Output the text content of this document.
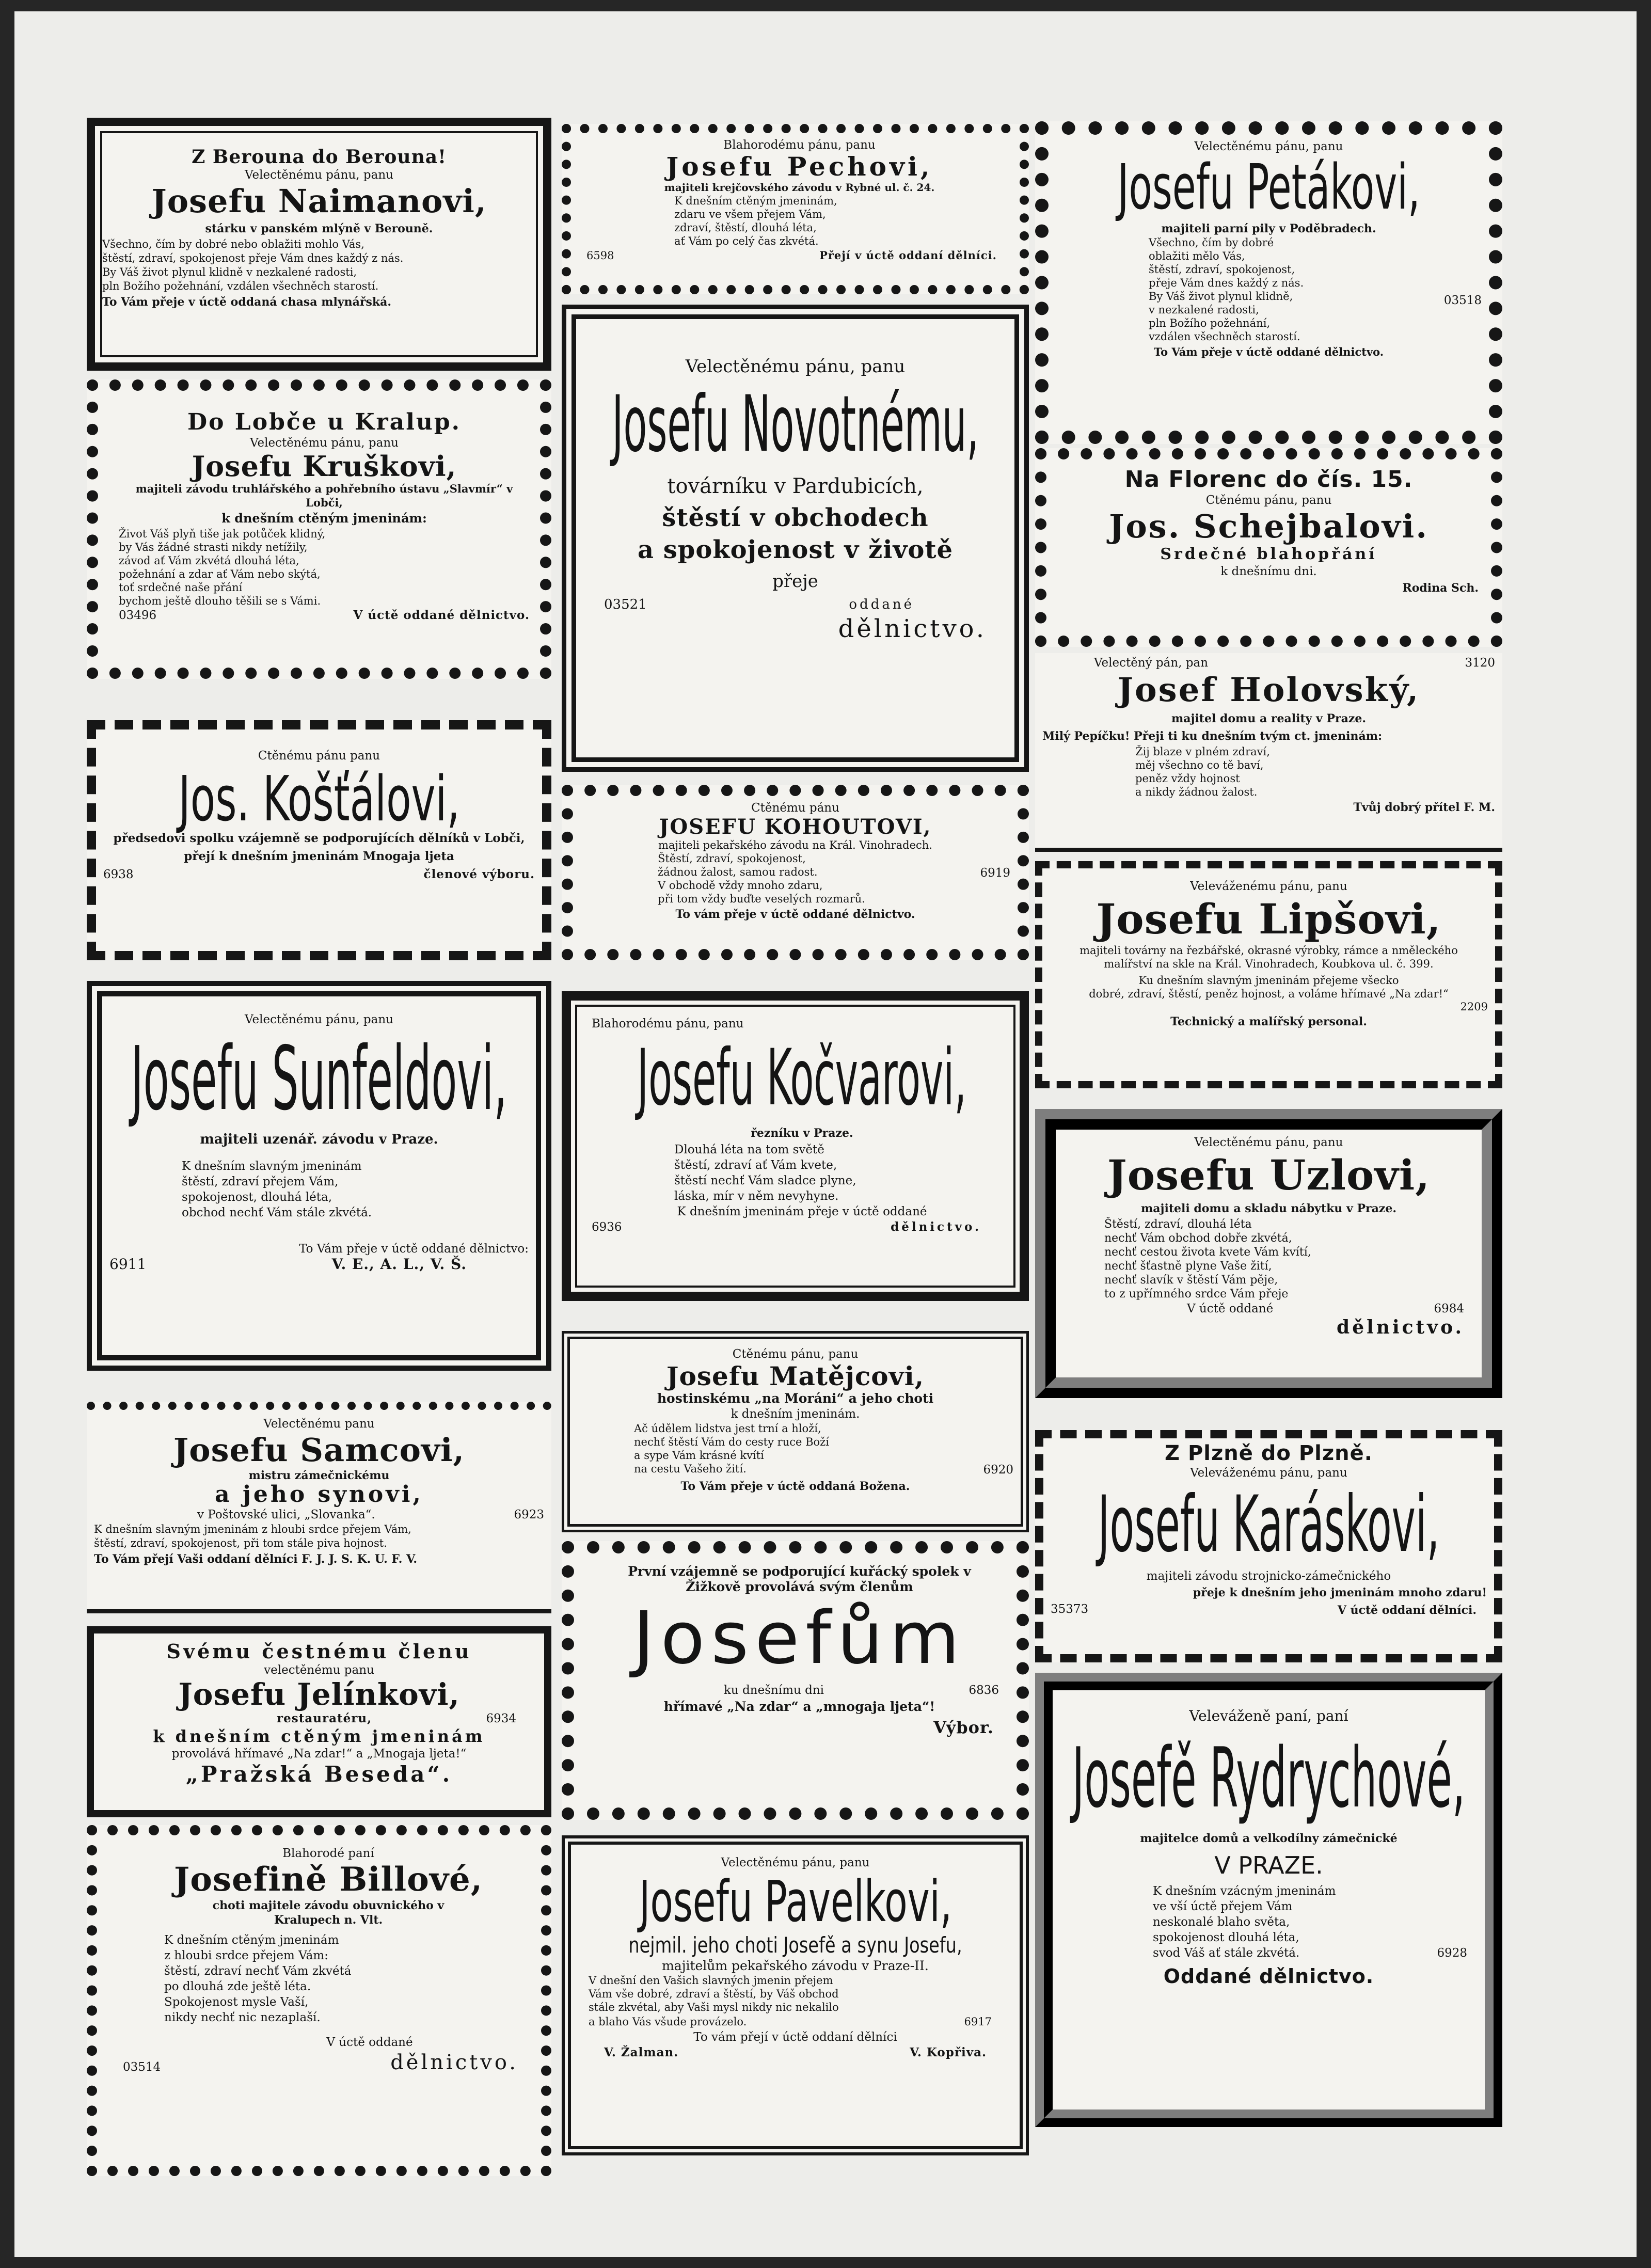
Z Berouna do Berouna!
Velectěnému pánu, panu
Josefu Naimanovi,
stárku v panském mlýně v Berouně.
Všechno, čím by dobré nebo oblažiti mohlo Vás,
štěstí, zdraví, spokojenost přeje Vám dnes každý z nás.
By Váš život plynul klidně v nezkalené radosti,
pln Božího požehnání, vzdálen všechněch starostí.
To Vám přeje v úctě oddaná chasa mlynářská.
Do Lobče u Kralup.
Velectěnému pánu, panu
Josefu Kruškovi,
majiteli závodu truhlářského a pohřebního ústavu „Slavmír“ v Lobči,
k dnešním ctěným jmeninám:
Život Váš plyň tiše jak potůček klidný,
by Vás žádné strasti nikdy netížily,
závod ať Vám zkvétá dlouhá léta,
požehnání a zdar ať Vám nebo skýtá,
toť srdečné naše přání
bychom ještě dlouho těšili se s Vámi.
03496	V úctě oddané dělnictvo.
Ctěnému pánu panu
Jos. Košťálovi,
předsedovi spolku vzájemně se podporujících dělníků v Lobči,
přejí k dnešním jmeninám Mnogaja ljeta
6938	členové výboru.
Velectěnému pánu, panu
Josefu Sunfeldovi,
majiteli uzenář. závodu v Praze.
K dnešním slavným jmeninám
štěstí, zdraví přejem Vám,
spokojenost, dlouhá léta,
obchod nechť Vám stále zkvétá.
To Vám přeje v úctě oddané dělnictvo:
6911	V. E., A. L., V. Š.
Velectěnému panu
Josefu Samcovi,
mistru zámečnickému
a jeho synovi,
v Poštovské ulici, „Slovanka“.	6923
K dnešním slavným jmeninám z hloubi srdce přejem Vám,
štěstí, zdraví, spokojenost, při tom stále piva hojnost.
To Vám přejí Vaši oddaní dělníci F. J. J. S. K. U. F. V.
Svému čestnému členu
velectěnému panu
Josefu Jelínkovi,
restauratéru,	6934
k dnešním ctěným jmeninám
provolává hřímavé „Na zdar!“ a „Mnogaja ljeta!“
„Pražská Beseda“.
Blahorodé paní
Josefině Billové,
choti majitele závodu obuvnického v Kralupech n. Vlt.
K dnešním ctěným jmeninám
z hloubi srdce přejem Vám:
štěstí, zdraví nechť Vám zkvétá
po dlouhá zde ještě léta.
Spokojenost mysle Vaší,
nikdy nechť nic nezaplaší.
V úctě oddané
03514	dělnictvo.
Blahorodému pánu, panu
Josefu Pechovi,
majiteli krejčovského závodu v Rybné ul. č. 24.
K dnešním ctěným jmeninám,
zdaru ve všem přejem Vám,
zdraví, štěstí, dlouhá léta,
ať Vám po celý čas zkvétá.
6598	Přejí v úctě oddaní dělníci.
Velectěnému pánu, panu
Josefu Novotnému,
továrníku v Pardubicích,
štěstí v obchodech
a spokojenost v životě
přeje
03521	oddané
dělnictvo.
Ctěnému pánu
JOSEFU KOHOUTOVI,
majiteli pekařského závodu na Král. Vinohradech.
Štěstí, zdraví, spokojenost,
žádnou žalost, samou radost.
V obchodě vždy mnoho zdaru,
při tom vždy buďte veselých rozmarů.
6919
To vám přeje v úctě oddané dělnictvo.
Blahorodému pánu, panu
Josefu Kočvarovi,
řezníku v Praze.
Dlouhá léta na tom světě
štěstí, zdraví ať Vám kvete,
štěstí nechť Vám sladce plyne,
láska, mír v něm nevyhyne.
K dnešním jmeninám přeje v úctě oddané
6936	dělnictvo.
Ctěnému pánu, panu
Josefu Matějcovi,
hostinskému „na Moráni“ a jeho choti
k dnešním jmeninám.
Ač údělem lidstva jest trní a hloží,
nechť štěstí Vám do cesty ruce Boží
a sype Vám krásné kvítí
na cestu Vašeho žití.	6920
To Vám přeje v úctě oddaná Božena.
První vzájemně se podporující kuřácký spolek v Žižkově provolává svým členům
Josefům
ku dnešnímu dni	6836
hřímavé „Na zdar“ a „mnogaja ljeta“!
Výbor.
Velectěnému pánu, panu
Josefu Pavelkovi,
nejmil. jeho choti Josefě a synu Josefu,
majitelům pekařského závodu v Praze-II.
V dnešní den Vašich slavných jmenin přejem
Vám vše dobré, zdraví a štěstí, by Váš obchod
stále zkvétal, aby Vaši mysl nikdy nic nekalilo
a blaho Vás všude provázelo.	6917
To vám přejí v úctě oddaní dělníci
V. Žalman.	V. Kopřiva.
Velectěnému pánu, panu
Josefu Petákovi,
majiteli parní pily v Poděbradech.
Všechno, čím by dobré
oblažiti mělo Vás,
štěstí, zdraví, spokojenost,
přeje Vám dnes každý z nás.
By Váš život plynul klidně,
v nezkalené radosti,
pln Božího požehnání,
vzdálen všechněch starostí.
03518
To Vám přeje v úctě oddané dělnictvo.
Na Florenc do čís. 15.
Ctěnému pánu, panu
Jos. Schejbalovi.
Srdečné blahopřání
k dnešnímu dni.
Rodina Sch.
Velectěný pán, pan	3120
Josef Holovský,
majitel domu a reality v Praze.
Milý Pepíčku! Přeji ti ku dnešním tvým ct. jmeninám:
Žij blaze v plném zdraví,
měj všechno co tě baví,
peněz vždy hojnost
a nikdy žádnou žalost.
Tvůj dobrý přítel F. M.
Veleváženému pánu, panu
Josefu Lipšovi,
majiteli továrny na řezbářské, okrasné výrobky, rámce a nměleckého malířství na skle na Král. Vinohradech, Koubkova ul. č. 399.
Ku dnešním slavným jmeninám přejeme všecko
dobré, zdraví, štěstí, peněz hojnost, a voláme hřímavé „Na zdar!“
2209
Technický a malířský personal.
Velectěnému pánu, panu
Josefu Uzlovi,
majiteli domu a skladu nábytku v Praze.
Štěstí, zdraví, dlouhá léta
nechť Vám obchod dobře zkvétá,
nechť cestou života kvete Vám kvítí,
nechť šťastně plyne Vaše žití,
nechť slavík v štěstí Vám pěje,
to z upřímného srdce Vám přeje
V úctě oddané	6984
dělnictvo.
Z Plzně do Plzně.
Veleváženému pánu, panu
Josefu Karáskovi,
majiteli závodu strojnicko-zámečnického
přeje k dnešním jeho jmeninám mnoho zdaru!
35373	V úctě oddaní dělníci.
Veleváženě paní, paní
Josefě Rydrychové,
majitelce domů a velkodílny zámečnické
V PRAZE.
K dnešním vzácným jmeninám
ve vší úctě přejem Vám
neskonalé blaho světa,
spokojenost dlouhá léta,
svod Váš ať stále zkvétá.	6928
Oddané dělnictvo.
